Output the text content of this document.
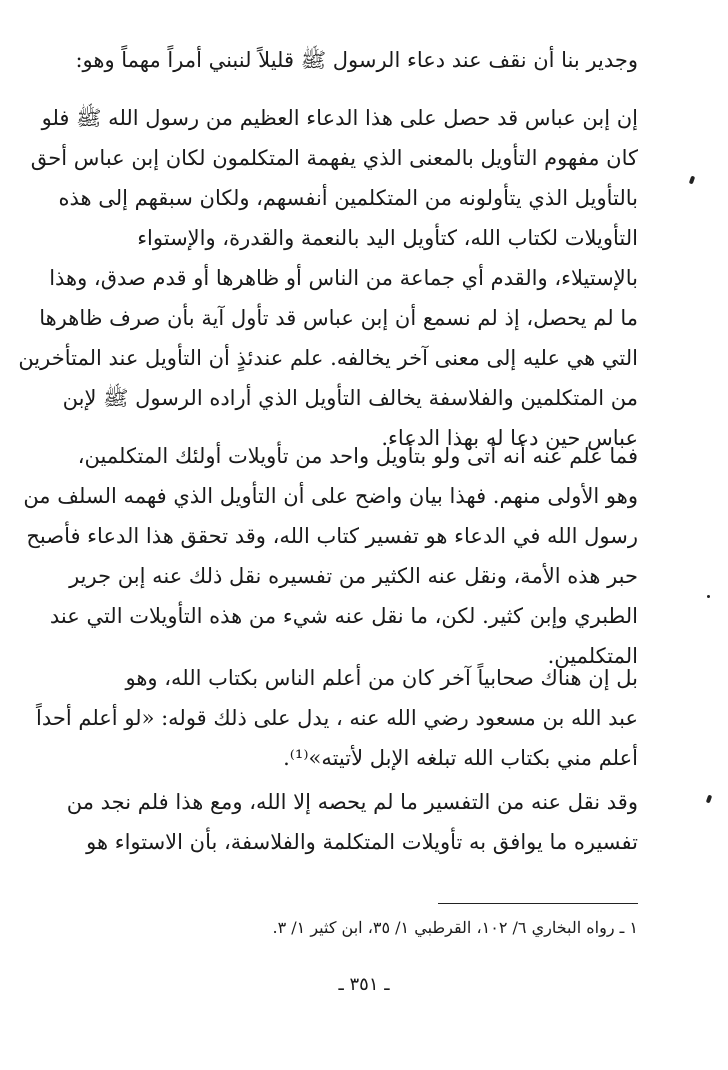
وجدير بنا أن نقف عند دعاء الرسول ﷺ قليلاً لنبني أمراً مهماً وهو:
إن إبن عباس قد حصل على هذا الدعاء العظيم من رسول الله ﷺ فلو
كان مفهوم التأويل بالمعنى الذي يفهمة المتكلمون لكان إبن عباس أحق
بالتأويل الذي يتأولونه من المتكلمين أنفسهم، ولكان سبقهم إلى هذه
التأويلات لكتاب الله، كتأويل اليد بالنعمة والقدرة، والإستواء
بالإستيلاء، والقدم أي جماعة من الناس أو ظاهرها أو قدم صدق، وهذا
ما لم يحصل، إذ لم نسمع أن إبن عباس قد تأول آية بأن صرف ظاهرها
التي هي عليه إلى معنى آخر يخالفه. علم عندئذٍ أن التأويل عند المتأخرين
من المتكلمين والفلاسفة يخالف التأويل الذي أراده الرسول ﷺ لإبن
عباس حين دعا له بهذا الدعاء.
فما علم عنه أنه أتى ولو بتأويل واحد من تأويلات أولئك المتكلمين،
وهو الأولى منهم. فهذا بيان واضح على أن التأويل الذي فهمه السلف من
رسول الله في الدعاء هو تفسير كتاب الله، وقد تحقق هذا الدعاء فأصبح
حبر هذه الأمة، ونقل عنه الكثير من تفسيره نقل ذلك عنه إبن جرير
الطبري وإبن كثير. لكن، ما نقل عنه شيء من هذه التأويلات التي عند
المتكلمين.
بل إن هناك صحابياً آخر كان من أعلم الناس بكتاب الله، وهو
عبد الله بن مسعود رضي الله عنه ، يدل على ذلك قوله: «لو أعلم أحداً
أعلم مني بكتاب الله تبلغه الإبل لأتيته»⁽¹⁾.
وقد نقل عنه من التفسير ما لم يحصه إلا الله، ومع هذا فلم نجد من
تفسيره ما يوافق به تأويلات المتكلمة والفلاسفة، بأن الاستواء هو
١ ـ رواه البخاري ٦/ ١٠٢، القرطبي ١/ ٣٥، ابن كثير ١/ ٣.
ـ ٣٥١ ـ
